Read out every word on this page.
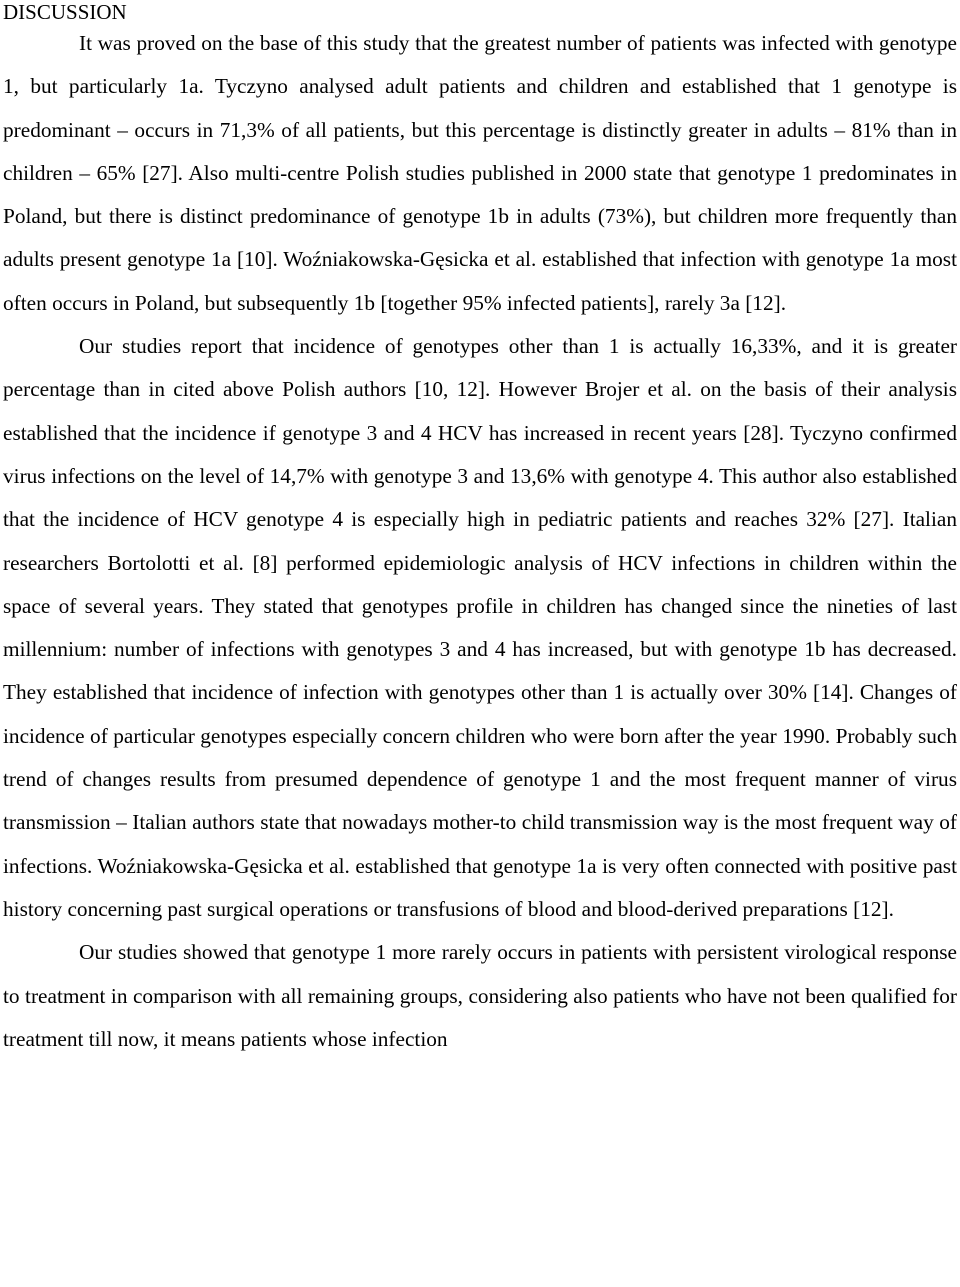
DISCUSSION

It was proved on the base of this study that the greatest number of patients was infected with genotype 1, but particularly 1a. Tyczyno analysed adult patients and children and established that 1 genotype is predominant – occurs in 71,3% of all patients, but this percentage is distinctly greater in adults – 81% than in children – 65% [27]. Also multi-centre Polish studies published in 2000 state that genotype 1 predominates in Poland, but there is distinct predominance of genotype 1b in adults (73%), but children more frequently than adults present genotype 1a [10]. Woźniakowska-Gęsicka et al. established that infection with genotype 1a most often occurs in Poland, but subsequently 1b [together 95% infected patients], rarely 3a [12].

Our studies report that incidence of genotypes other than 1 is actually 16,33%, and it is greater percentage than in cited above Polish authors [10, 12]. However Brojer et al. on the basis of their analysis established that the incidence if genotype 3 and 4 HCV has increased in recent years [28]. Tyczyno confirmed virus infections on the level of 14,7% with genotype 3 and 13,6% with genotype 4. This author also established that the incidence of HCV genotype 4 is especially high in pediatric patients and reaches 32% [27]. Italian researchers Bortolotti et al. [8] performed epidemiologic analysis of HCV infections in children within the space of several years. They stated that genotypes profile in children has changed since the nineties of last millennium: number of infections with genotypes 3 and 4 has increased, but with genotype 1b has decreased. They established that incidence of infection with genotypes other than 1 is actually over 30% [14]. Changes of incidence of particular genotypes especially concern children who were born after the year 1990. Probably such trend of changes results from presumed dependence of genotype 1 and the most frequent manner of virus transmission – Italian authors state that nowadays mother-to child transmission way is the most frequent way of infections. Woźniakowska-Gęsicka et al. established that genotype 1a is very often connected with positive past history concerning past surgical operations or transfusions of blood and blood-derived preparations [12].

Our studies showed that genotype 1 more rarely occurs in patients with persistent virological response to treatment in comparison with all remaining groups, considering also patients who have not been qualified for treatment till now, it means patients whose infection
